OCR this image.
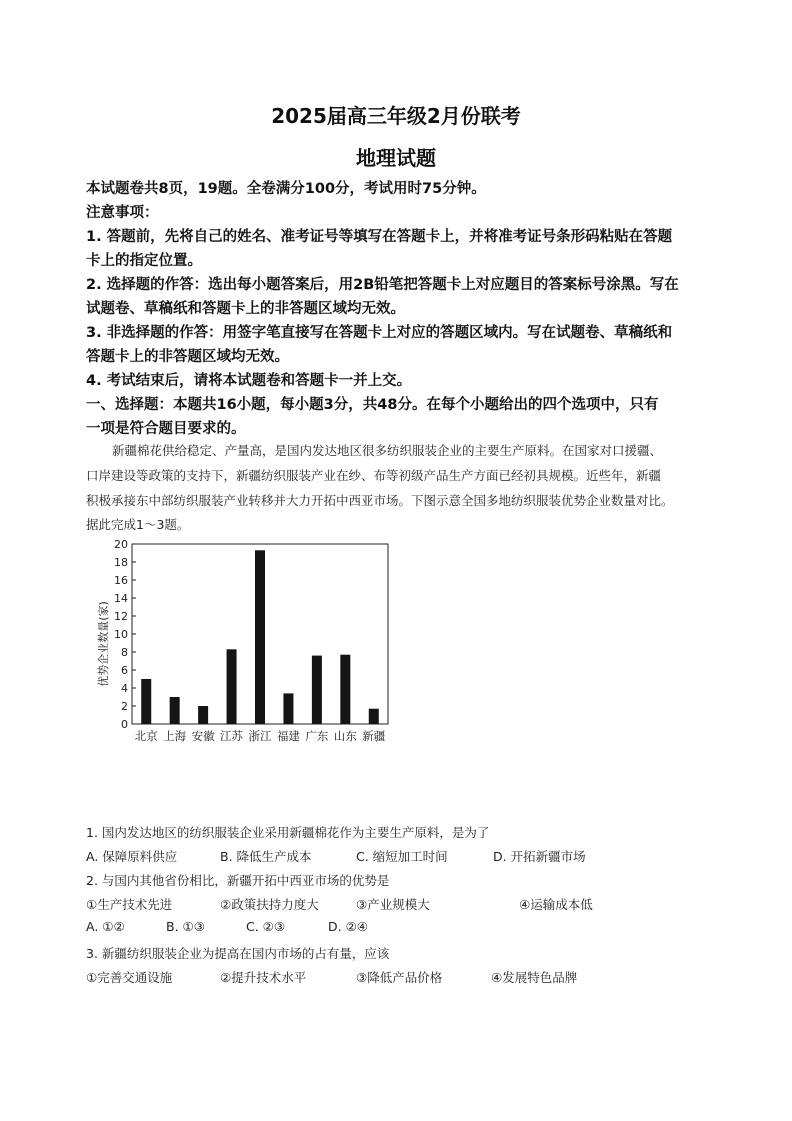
2025届高三年级2月份联考
地理试题
本试题卷共8页，19题。全卷满分100分，考试用时75分钟。
注意事项：
1. 答题前，先将自己的姓名、准考证号等填写在答题卡上，并将准考证号条形码粘贴在答题
卡上的指定位置。
2. 选择题的作答：选出每小题答案后，用2B铅笔把答题卡上对应题目的答案标号涂黑。写在
试题卷、草稿纸和答题卡上的非答题区域均无效。
3. 非选择题的作答：用签字笔直接写在答题卡上对应的答题区域内。写在试题卷、草稿纸和
答题卡上的非答题区域均无效。
4. 考试结束后，请将本试题卷和答题卡一并上交。
一、选择题：本题共16小题，每小题3分，共48分。在每个小题给出的四个选项中，只有
一项是符合题目要求的。
新疆棉花供给稳定、产量高，是国内发达地区很多纺织服装企业的主要生产原料。在国家对口援疆、
口岸建设等政策的支持下，新疆纺织服装产业在纱、布等初级产品生产方面已经初具规模。近些年，新疆
积极承接东中部纺织服装产业转移并大力开拓中西亚市场。下图示意全国多地纺织服装优势企业数量对比。
据此完成1～3题。
0
2
4
6
8
10
12
14
16
18
20
北京 上海 安徽 江苏 浙江 福建 广东 山东 新疆
优势企业数量(家)
1. 国内发达地区的纺织服装企业采用新疆棉花作为主要生产原料，是为了
A. 保障原料供应	B. 降低生产成本	C. 缩短加工时间	D. 开拓新疆市场
2. 与国内其他省份相比，新疆开拓中西亚市场的优势是
①生产技术先进	②政策扶持力度大	③产业规模大	④运输成本低
A. ①②	B. ①③	C. ②③	D. ②④
3. 新疆纺织服装企业为提高在国内市场的占有量，应该
①完善交通设施	②提升技术水平	③降低产品价格	④发展特色品牌
